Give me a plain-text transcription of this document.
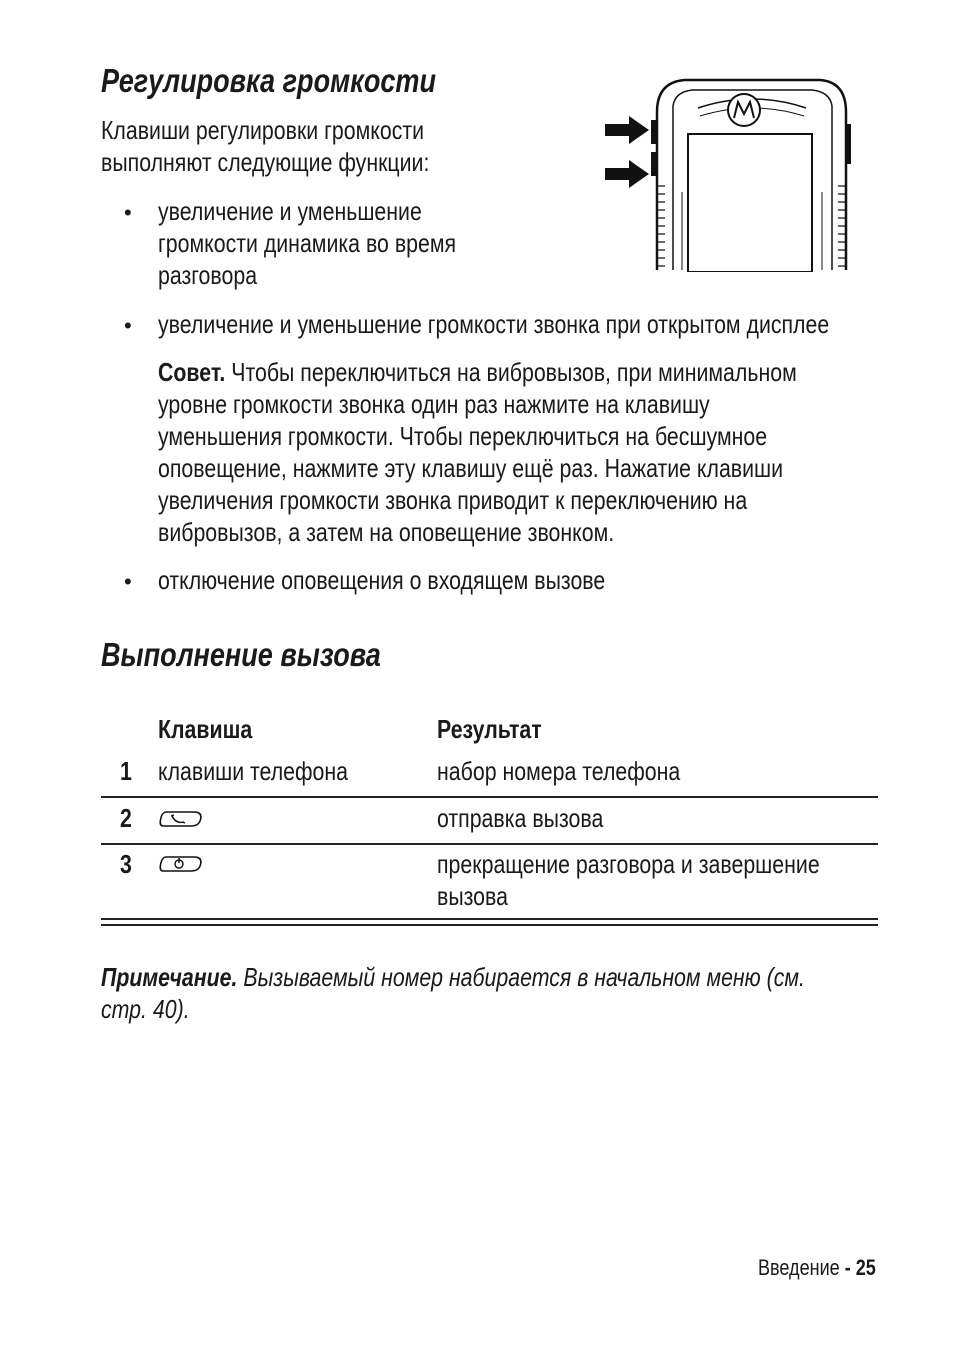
Регулировка громкости
Клавиши регулировки громкости
выполняют следующие функции:
• увеличение и уменьшение
громкости динамика во время
разговора
• увеличение и уменьшение громкости звонка при открытом дисплее
Совет. Чтобы переключиться на вибровызов, при минимальном
уровне громкости звонка один раз нажмите на клавишу
уменьшения громкости. Чтобы переключиться на бесшумное
оповещение, нажмите эту клавишу ещё раз. Нажатие клавиши
увеличения громкости звонка приводит к переключению на
вибровызов, а затем на оповещение звонком.
• отключение оповещения о входящем вызове
Выполнение вызова
Клавиша	Результат
1 клавиши телефона	набор номера телефона
2	отправка вызова
3	прекращение разговора и завершение
вызова
Примечание. Вызываемый номер набирается в начальном меню (см.
стр. 40).
Введение - 25
